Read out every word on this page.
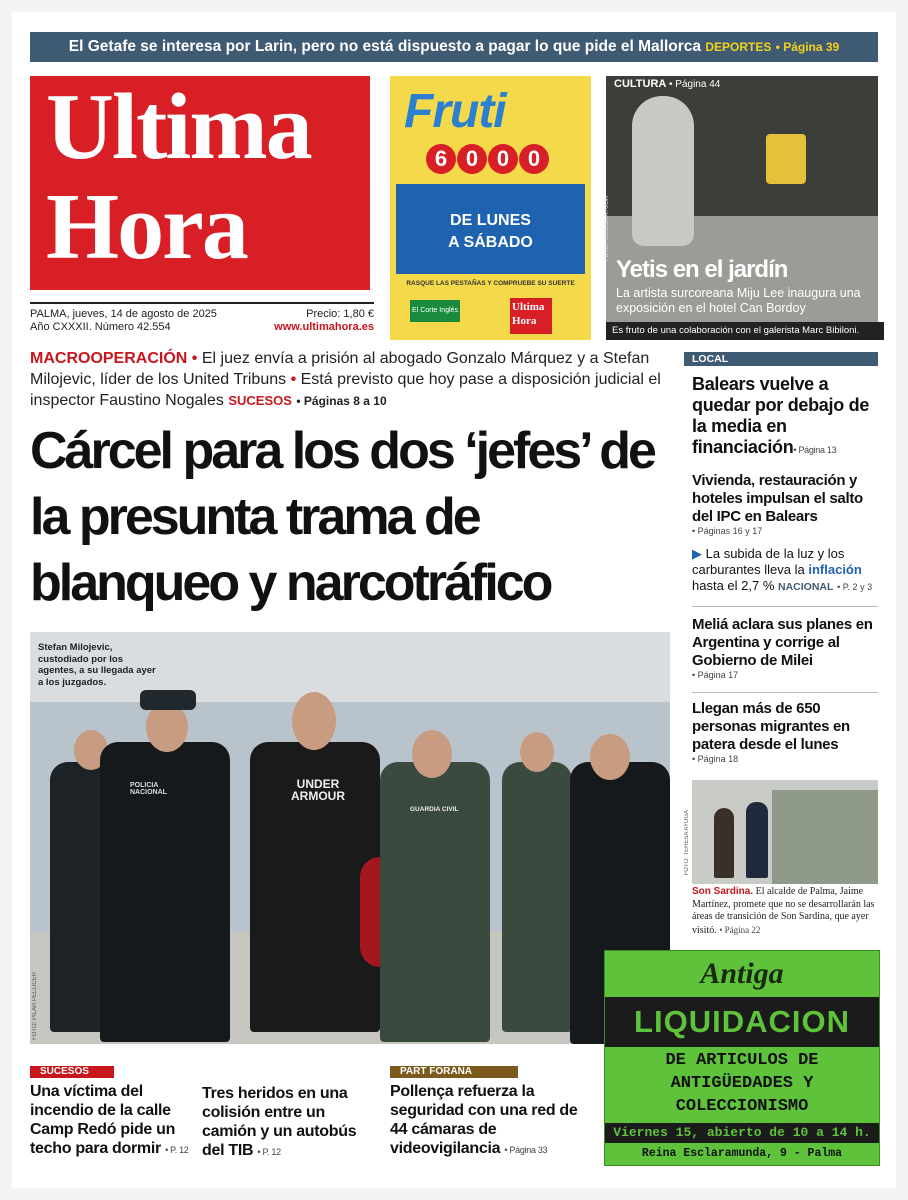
El Getafe se interesa por Larin, pero no está dispuesto a pagar lo que pide el Mallorca DEPORTES • Página 39
Ultima
Hora
PALMA, jueves, 14 de agosto de 2025
Año CXXXII. Número 42.554
Precio: 1,80 €
www.ultimahora.es
Fruti
6 0 0 0
DE LUNES
A SÁBADO
RASQUE LAS PESTAÑAS Y COMPRUEBE SU SUERTE
El Corte Inglés	Ultima
Hora
CULTURA • Página 44
FOTO: TERESA AYUGA
Yetis en el jardín
La artista surcoreana Miju Lee inaugura una exposición en el hotel Can Bordoy
Es fruto de una colaboración con el galerista Marc Bibiloni.
MACROOPERACIÓN • El juez envía a prisión al abogado Gonzalo Márquez y a Stefan Milojevic, líder de los United Tribuns • Está previsto que hoy pase a disposición judicial el inspector Faustino Nogales SUCESOS • Páginas 8 a 10
Cárcel para los dos ‘jefes’ de la presunta trama de blanqueo y narcotráfico
POLICIA NACIONAL
UNDER ARMOUR
GUARDIA CIVIL
Stefan Milojevic, custodiado por los agentes, a su llegada ayer a los juzgados.
FOTO: PILAR PELLICER
SUCESOS
Una víctima del incendio de la calle Camp Redó pide un techo para dormir • P. 12
Tres heridos en una colisión entre un camión y un autobús del TIB • P. 12
PART FORANA
Pollença refuerza la seguridad con una red de 44 cámaras de videovigilancia • Página 33
LOCAL
Balears vuelve a quedar por debajo de la media en financiación• Página 13
Vivienda, restauración y hoteles impulsan el salto del IPC en Balears
• Páginas 16 y 17
▶ La subida de la luz y los carburantes lleva la inflación hasta el 2,7 % NACIONAL • P. 2 y 3
Meliá aclara sus planes en Argentina y corrige al Gobierno de Milei
• Página 17
Llegan más de 650 personas migrantes en patera desde el lunes
• Página 18
FOTO: TERESA AYUGA
Son Sardina. El alcalde de Palma, Jaime Martínez, promete que no se desarrollarán las áreas de transición de Son Sardina, que ayer visitó. • Página 22
Antiga
LIQUIDACION
DE ARTICULOS DE
ANTIGÜEDADES Y
COLECCIONISMO
Viernes 15, abierto de 10 a 14 h.
Reina Esclaramunda, 9 - Palma
